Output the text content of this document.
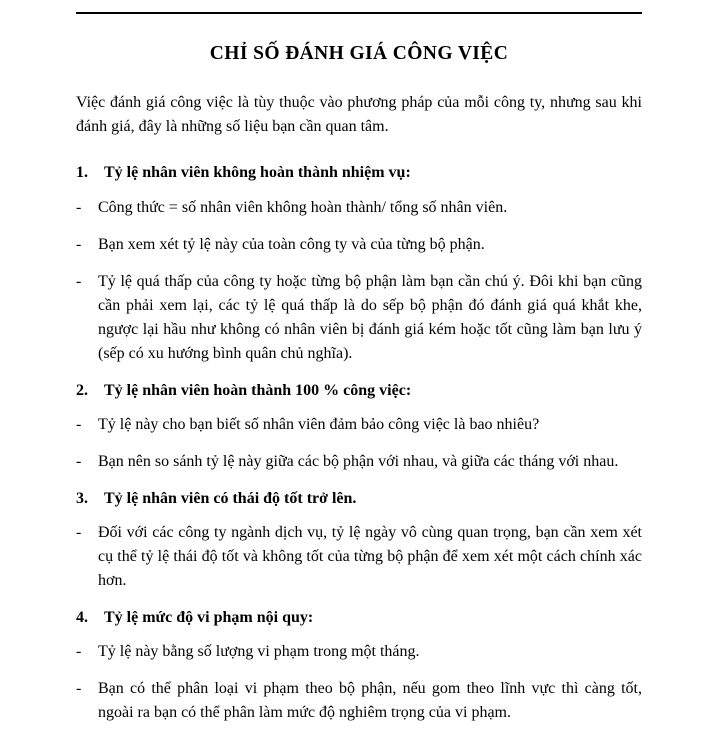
CHỈ SỐ ĐÁNH GIÁ CÔNG VIỆC

Việc đánh giá công việc là tùy thuộc vào phương pháp của mỗi công ty, nhưng sau khi đánh giá, đây là những số liệu bạn cần quan tâm.

1.	Tỷ lệ nhân viên không hoàn thành nhiệm vụ:
-	Công thức = số nhân viên không hoàn thành/ tổng số nhân viên.
-	Bạn xem xét tỷ lệ này của toàn công ty và của từng bộ phận.
-	Tỷ lệ quá thấp của công ty hoặc từng bộ phận làm bạn cần chú ý. Đôi khi bạn cũng cần phải xem lại, các tỷ lệ quá thấp là do sếp bộ phận đó đánh giá quá khắt khe, ngược lại hầu như không có nhân viên bị đánh giá kém hoặc tốt cũng làm bạn lưu ý (sếp có xu hướng bình quân chủ nghĩa).
2.	Tỷ lệ nhân viên hoàn thành 100 % công việc:
-	Tỷ lệ này cho bạn biết số nhân viên đảm bảo công việc là bao nhiêu?
-	Bạn nên so sánh tỷ lệ này giữa các bộ phận với nhau, và giữa các tháng với nhau.
3.	Tỷ lệ nhân viên có thái độ tốt trở lên.
-	Đối với các công ty ngành dịch vụ, tỷ lệ ngày vô cùng quan trọng, bạn cần xem xét cụ thể tỷ lệ thái độ tốt và không tốt của từng bộ phận để xem xét một cách chính xác hơn.
4.	Tỷ lệ mức độ vi phạm nội quy:
-	Tỷ lệ này bằng số lượng vi phạm trong một tháng.
-	Bạn có thể phân loại vi phạm theo bộ phận, nếu gom theo lĩnh vực thì càng tốt, ngoài ra bạn có thể phân làm mức độ nghiêm trọng của vi phạm.
